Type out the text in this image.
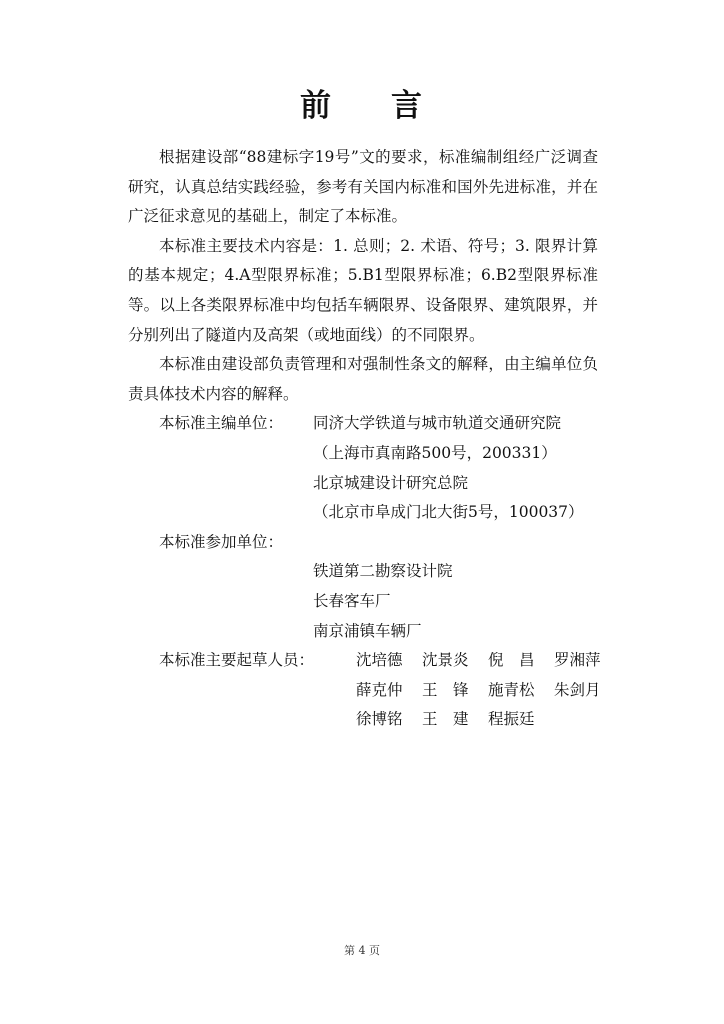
前 言

根据建设部“88建标字19号”文的要求，标准编制组经广泛调查研究，认真总结实践经验，参考有关国内标准和国外先进标准，并在广泛征求意见的基础上，制定了本标准。

本标准主要技术内容是：1. 总则；2. 术语、符号；3. 限界计算的基本规定；4.A型限界标准；5.B1型限界标准；6.B2型限界标准等。以上各类限界标准中均包括车辆限界、设备限界、建筑限界，并分别列出了隧道内及高架（或地面线）的不同限界。

本标准由建设部负责管理和对强制性条文的解释，由主编单位负责具体技术内容的解释。

本标准主编单位：	同济大学铁道与城市轨道交通研究院
（上海市真南路500号，200331）
北京城建设计研究总院
（北京市阜成门北大街5号，100037）
本标准参加单位：
铁道第二勘察设计院
长春客车厂
南京浦镇车辆厂
本标准主要起草人员：	沈培德	沈景炎	倪　昌	罗湘萍
薛克仲	王　锋	施青松	朱剑月
徐博铭	王　建	程振廷
第 4 页
